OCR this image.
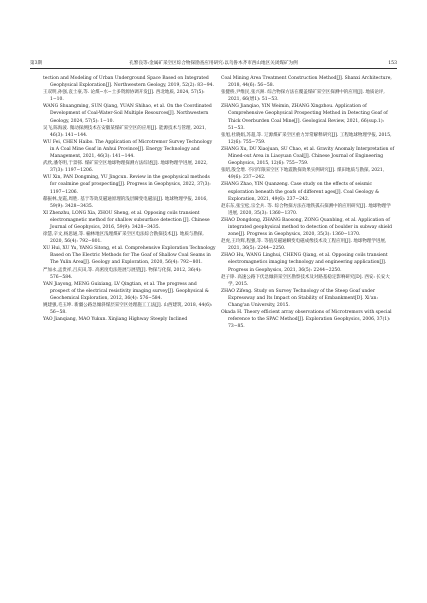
第3期	孔繁良等:金属矿采空区综合物探勘查应用研究:以乌鲁木齐市西山地区关闭煤矿为例	153

tection and Modeling of Urban Underground Space Based on Integrated Geophysical Exploration[J]. Northwestern Geology, 2019, 52(2): 83−94.

王双明,孙强,袁士豪,等. 论煤−水−土多资源协调开发[J]. 西北地质, 2024, 57(5): 1−10.

WANG Shuangming, SUN Qiang, YUAN Shihao, et al. On the Coordinated Development of Coal-Water-Soil Multiple Resources[J]. Northwestern Geology, 2024, 57(5): 1−10.

吴飞,陈海波. 微动探测技术在安徽某煤矿采空区的应用[J]. 能源技术与管理, 2021, 46(3): 141−144.

WU Fei, CHEN Haibo. The Application of Microtremor Survey Technology in A Coal Mine Goaf in Anhui Province[J]. Energy Technology and Management, 2021, 46(3): 141−144.

武欣,潘冬明,于景邨. 煤矿采空区地球物理探测方法综述[J]. 地球物理学进展, 2022, 37(3): 1197−1206.

WU Xin, PAN Dongming, YU Jingcun. Review in the geophysical methods for coalmine goaf prospecting[J]. Progress in Geophysics, 2022, 37(3): 1197−1206.

郗振林,龙霞,周胜. 基于等效反磁通原理的浅层瞬变电磁法[J]. 地球物理学报, 2016, 59(9): 3428−3435.

XI Zhenzhu, LONG Xia, ZHOU Sheng, et al. Opposing coils transient electromagnetic method for shallow subsurface detection [J]. Chinese Journal of Geophysics, 2016, 59(9): 3428−3435.

徐慧,辛文,杨思通,等. 榆林地区浅埋煤矿采空区电法综合勘探技术[J]. 地质与勘探, 2020, 56(4): 792−801.

XU Hui, XU Yu, YANG Sitong, et al. Comprehensive Exploration Technology Based on The Electric Methods for The Goaf of Shallow Coal Seams in The Yulin Area[J]. Geology and Exploration, 2020, 56(4): 792−801.

严加永,孟贵祥,吕庆田,等. 高密度电法进展与展望[J]. 物探与化探, 2012, 36(4): 576−584.

YAN Jiayong, MENG Guixiang, LV Qingtian, et al. The progress and prospect of the electrical resistivity imaging survey[J]. Geophysical & Geochemical Exploration, 2012, 36(4): 576−584.

姚建强,毛玉坤. 新疆公路急倾斜煤层采空区处理施工工法[J]. 山西建筑, 2018, 44(6): 56−58.

YAO Jianqiang, MAO Yukun. Xinjiang Highway Steeply Inclined

Coal Mining Area Treatment Construction Method[J]. Shanxi Architecture, 2018, 44(6): 56−58.

张健桥,尹维民,张兴洲. 综合物探方法在覆盖煤矿采空区探测中的应用[J]. 地质论评, 2021, 66(增1): 51−53.

ZHANG Jianqiao, YIN Weimin, ZHANG Xingzhou. Application of Comprehensive Geophysical Prospecting Method in Detecting Goaf of Thick Overburden Coal Mine[J]. Geological Review, 2021, 66(sup.1): 51−53.

张旭,杜晓娟,苏超,等. 辽源煤矿采空区重力异常解释研究[J]. 工程地球物理学报, 2015, 12(6): 755−759.

ZHANG Xu, DU Xiaojuan, SU Chao, et al. Gravity Anomaly Interpretation of Mined-out Area in Liaoyuan Coal[J]. Chinese Journal of Engineering Geophysics, 2015, 12(6): 755−759.

张昭,殷全增. 不同年限采空区下地震勘探效果实例研究[J]. 煤田地质与勘探, 2021, 49(6): 237−242.

ZHANG Zhao, YIN Quanzeng. Case study on the effects of seismic exploration beneath the goafs of different ages[J]. Coal Geology & Exploration, 2021, 49(6): 237−242.

赵东东,张宝松,宗全兵. 等. 综合物探方法在地铁孤石探测中的应用研究[J]. 地球物理学进展, 2020, 35(3): 1360−1370.

ZHAO Dongdong, ZHANG Baosong, ZONG Quanbing, et al. Application of integrated geophysical method to detection of boulder in subway shield zone[J]. Progress in Geophysics, 2020, 35(3): 1360−1370.

赵虎,王玲辉,程强,等. 等值反磁通瞬变电磁成像技术及工程应用[J]. 地球物理学进展, 2021, 36(5): 2244−2250.

ZHAO Hu, WANG Linghui, CHENG Qiang, et al. Opposing coils transient electromagnetics imaging technology and engineering application[J]. Progress in Geophysics, 2021, 36(5): 2244−2250.

赵子铮. 高速公路下伏急倾斜采空区勘察技术及对路基稳定影响研究[D]. 西安: 长安大学, 2015.

ZHAO Zifeng. Study on Survey Technology of the Steep Goaf under Expressway and Its Impact on Stability of Embankment[D]. Xi'an: Chang'an University, 2015.

Okada H. Theory efficient array observations of Microtremors with special reference to the SPAC Method[J]. Exploration Geophysics, 2006, 37(1): 73−85.
